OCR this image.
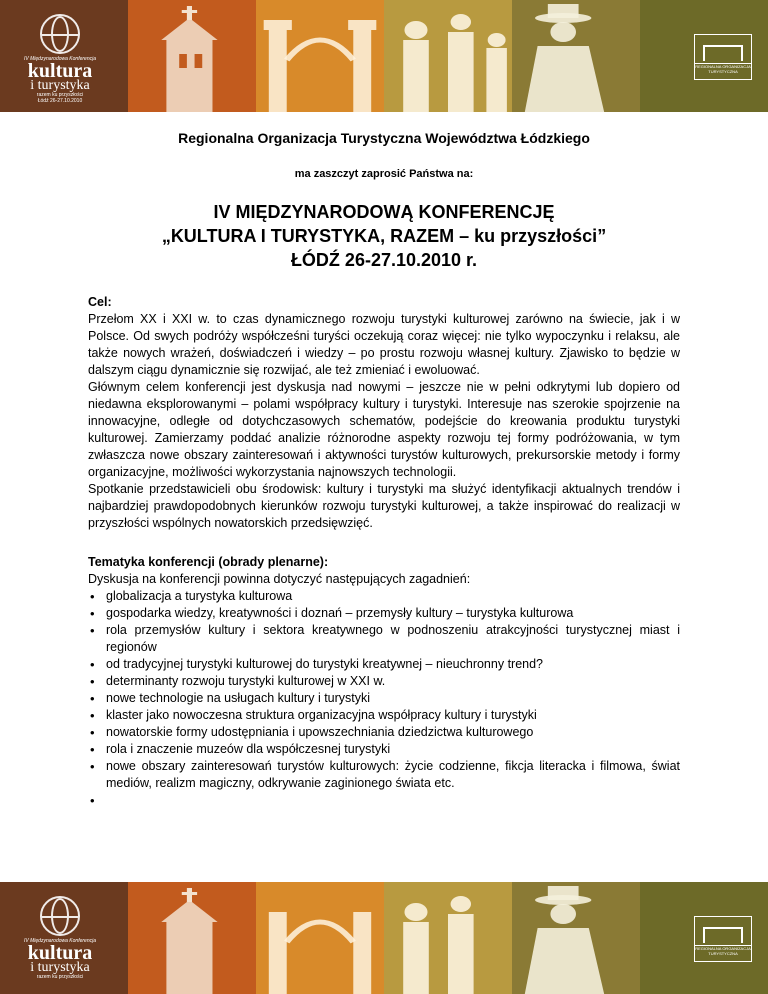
IV Międzynarodowa Konferencja
kultura
i turystyka
razem ku przyszłości
Łódź 26-27.10.2010
REGIONALNA ORGANIZACJA TURYSTYCZNA
Regionalna Organizacja Turystyczna Województwa Łódzkiego
ma zaszczyt zaprosić Państwa na:
IV MIĘDZYNARODOWĄ KONFERENCJĘ
„KULTURA I TURYSTYKA, RAZEM – ku przyszłości”
ŁÓDŹ 26-27.10.2010 r.
Cel:

Przełom XX i XXI w. to czas dynamicznego rozwoju turystyki kulturowej zarówno na świecie, jak i w Polsce. Od swych podróży współcześni turyści oczekują coraz więcej: nie tylko wypoczynku i relaksu, ale także nowych wrażeń, doświadczeń i wiedzy – po prostu rozwoju własnej kultury. Zjawisko to będzie w dalszym ciągu dynamicznie się rozwijać, ale też zmieniać i ewoluować.

Głównym celem konferencji jest dyskusja nad nowymi – jeszcze nie w pełni odkrytymi lub dopiero od niedawna eksplorowanymi – polami współpracy kultury i turystyki. Interesuje nas szerokie spojrzenie na innowacyjne, odległe od dotychczasowych schematów, podejście do kreowania produktu turystyki kulturowej. Zamierzamy poddać analizie różnorodne aspekty rozwoju tej formy podróżowania, w tym zwłaszcza nowe obszary zainteresowań i aktywności turystów kulturowych, prekursorskie metody i formy organizacyjne, możliwości wykorzystania najnowszych technologii.

Spotkanie przedstawicieli obu środowisk: kultury i turystyki ma służyć identyfikacji aktualnych trendów i najbardziej prawdopodobnych kierunków rozwoju turystyki kulturowej, a także inspirować do realizacji w przyszłości wspólnych nowatorskich przedsięwzięć.

Tematyka konferencji (obrady plenarne):

Dyskusja na konferencji powinna dotyczyć następujących zagadnień:

• globalizacja a turystyka kulturowa
• gospodarka wiedzy, kreatywności i doznań – przemysły kultury – turystyka kulturowa
• rola przemysłów kultury i sektora kreatywnego w podnoszeniu atrakcyjności turystycznej miast i regionów
• od tradycyjnej turystyki kulturowej do turystyki kreatywnej – nieuchronny trend?
• determinanty rozwoju turystyki kulturowej w XXI w.
• nowe technologie na usługach kultury i turystyki
• klaster jako nowoczesna struktura organizacyjna współpracy kultury i turystyki
• nowatorskie formy udostępniania i upowszechniania dziedzictwa kulturowego
• rola i znaczenie muzeów dla współczesnej turystyki
• nowe obszary zainteresowań turystów kulturowych: życie codzienne, fikcja literacka i filmowa, świat mediów, realizm magiczny, odkrywanie zaginionego świata etc.
•
IV Międzynarodowa Konferencja
kultura
i turystyka
razem ku przyszłości
REGIONALNA ORGANIZACJA TURYSTYCZNA
